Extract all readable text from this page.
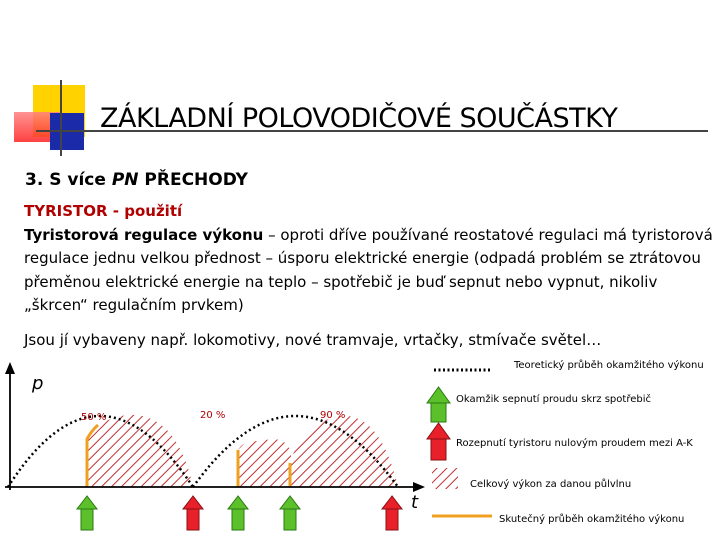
ZÁKLADNÍ POLOVODIČOVÉ SOUČÁSTKY
3. S více PN PŘECHODY
TYRISTOR - použití
Tyristorová regulace výkonu – oproti dříve používané reostatové regulaci má tyristorová regulace jednu velkou přednost – úsporu elektrické energie (odpadá problém se ztrátovou přeměnou elektrické energie na teplo – spotřebič je buď sepnut nebo vypnut, nikoliv „škrcen“ regulačním prvkem)
Jsou jí vybaveny např. lokomotivy, nové tramvaje, vrtačky, stmívače světel…
p
t
50 %	20 %	90 %
Teoretický průběh okamžitého výkonu
Okamžik sepnutí proudu skrz spotřebič
Rozepnutí tyristoru nulovým proudem mezi A-K
Celkový výkon za danou půlvlnu
Skutečný průběh okamžitého výkonu
